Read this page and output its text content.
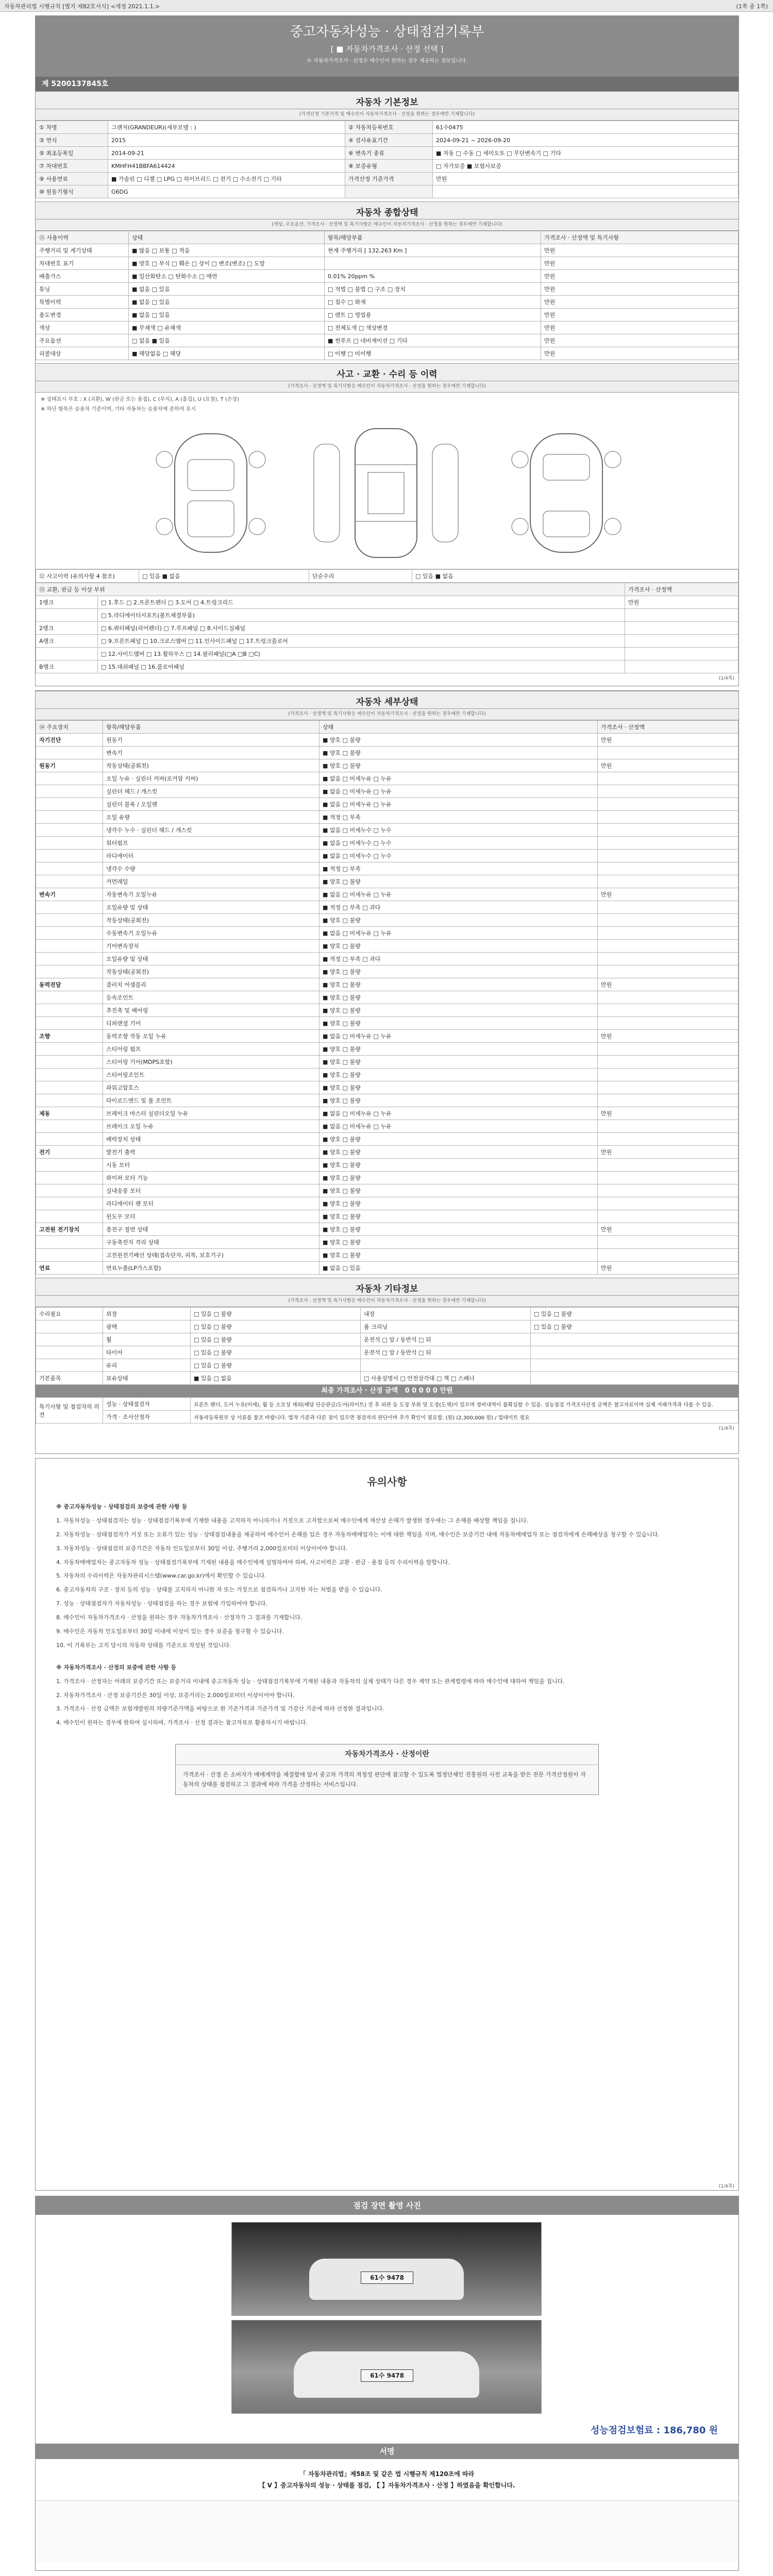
자동차관리법 시행규칙 [별지 제82호서식] <개정 2021.1.1.>	(1쪽 중 1쪽)
중고자동차성능 · 상태점검기록부
[ ■ 자동차가격조사 · 산정 선택 ]
※ 자동차가격조사 · 산정은 매수인이 원하는 경우 제공하는 정보입니다.
제 5200137845호
자동차 기본정보
(가격산정 기준가격 및 매수인이 자동차가격조사 · 산정을 원하는 경우에만 기재합니다)
① 차명	그랜저(GRANDEUR)(세부모델 : )	② 자동차등록번호	61수0475
③ 연식	2015	④ 검사유효기간	2024-09-21 ~ 2026-09-20
⑤ 최초등록일	2014-09-21	⑥ 변속기 종류	■ 자동 □ 수동 □ 세미오토 □ 무단변속기 □ 기타
⑦ 차대번호	KMHFH41BBFA614424	⑧ 보증유형	□ 자가보증 ■ 보험사보증
⑨ 사용연료	■ 가솔린 □ 디젤 □ LPG □ 하이브리드 □ 전기 □ 수소전기 □ 기타	가격산정 기준가격	만원
⑩ 원동기형식	G6DG		
자동차 종합상태
(색상, 주요옵션, 가격조사 · 산정액 및 특기사항은 매수인이 자동차가격조사 · 산정을 원하는 경우에만 기재합니다)
⑪ 사용이력	상태	항목/해당부품	가격조사 · 산정액 및 특기사항
주행거리 및 계기상태	■ 많음 □ 보통 □ 적음	현재 주행거리 [ 132,263 Km ]	만원
차대번호 표기	■ 양호 □ 부식 □ 훼손 □ 상이 □ 변조(변조) □ 도말		만원
배출가스	■ 일산화탄소 □ 탄화수소 □ 매연	0.01% 20ppm %	만원
튜닝	■ 없음 □ 있음	□ 적법 □ 불법 □ 구조 □ 장치	만원
특별이력	■ 없음 □ 있음	□ 침수 □ 화재	만원
용도변경	■ 없음 □ 있음	□ 렌트 □ 영업용	만원
색상	■ 무채색 □ 유채색	□ 전체도색 □ 색상변경	만원
주요옵션	□ 없음 ■ 있음	■ 썬루프 □ 네비게이션 □ 기타	만원
리콜대상	■ 해당없음 □ 해당	□ 이행 □ 미이행	만원
사고 · 교환 · 수리 등 이력
(가격조사 · 산정액 및 특기사항은 매수인이 자동차가격조사 · 산정을 원하는 경우에만 기재합니다)
※ 상태표시 부호 : X (교환), W (판금 또는 용접), C (부식), A (흠집), U (요철), T (손상)
※ 하단 항목은 승용차 기준이며, 기타 자동차는 승용차에 준하여 표시
⑫ 사고이력 (유의사항 4 참조)	□ 있음 ■ 없음	단순수리	□ 있음 ■ 없음
⑬ 교환, 판금 등 이상 부위		가격조사 · 산정액
1랭크	□ 1.후드 □ 2.프론트펜더 □ 3.도어 □ 4.트렁크리드	만원
	□ 5.라디에이터서포트(볼트체결부품)	
2랭크	□ 6.쿼터패널(리어펜더) □ 7.루프패널 □ 8.사이드실패널	
A랭크	□ 9.프론트패널 □ 10.크로스멤버 □ 11.인사이드패널 □ 17.트렁크플로어	
	□ 12.사이드멤버 □ 13.휠하우스 □ 14.필러패널(□A □B □C)	
B랭크	□ 15.대쉬패널 □ 16.플로어패널	
(1/4쪽)
자동차 세부상태
(가격조사 · 산정액 및 특기사항은 매수인이 자동차가격조사 · 산정을 원하는 경우에만 기재합니다)
⑭ 주요장치	항목/해당부품	상태	가격조사 · 산정액
자기진단	원동기	■ 양호 □ 불량	만원
	변속기	■ 양호 □ 불량	
원동기	작동상태(공회전)	■ 양호 □ 불량	만원
	오일 누유 · 실린더 커버(로커암 커버)	■ 없음 □ 미세누유 □ 누유	
	실린더 헤드 / 개스킷	■ 없음 □ 미세누유 □ 누유	
	실린더 블록 / 오일팬	■ 없음 □ 미세누유 □ 누유	
	오일 유량	■ 적정 □ 부족	
	냉각수 누수 · 실린더 헤드 / 개스킷	■ 없음 □ 미세누수 □ 누수	
	워터펌프	■ 없음 □ 미세누수 □ 누수	
	라디에이터	■ 없음 □ 미세누수 □ 누수	
	냉각수 수량	■ 적정 □ 부족	
	커먼레일	■ 양호 □ 불량	
변속기	자동변속기 오일누유	■ 없음 □ 미세누유 □ 누유	만원
	오일유량 및 상태	■ 적정 □ 부족 □ 과다	
	작동상태(공회전)	■ 양호 □ 불량	
	수동변속기 오일누유	■ 없음 □ 미세누유 □ 누유	
	기어변속장치	■ 양호 □ 불량	
	오일유량 및 상태	■ 적정 □ 부족 □ 과다	
	작동상태(공회전)	■ 양호 □ 불량	
동력전달	클러치 어셈블리	■ 양호 □ 불량	만원
	등속조인트	■ 양호 □ 불량	
	추진축 및 베어링	■ 양호 □ 불량	
	디퍼렌셜 기어	■ 양호 □ 불량	
조향	동력조향 작동 오일 누유	■ 없음 □ 미세누유 □ 누유	만원
	스티어링 펌프	■ 양호 □ 불량	
	스티어링 기어(MDPS포함)	■ 양호 □ 불량	
	스티어링조인트	■ 양호 □ 불량	
	파워고압호스	■ 양호 □ 불량	
	타이로드엔드 및 볼 조인트	■ 양호 □ 불량	
제동	브레이크 마스터 실린더오일 누유	■ 없음 □ 미세누유 □ 누유	만원
	브레이크 오일 누유	■ 없음 □ 미세누유 □ 누유	
	배력장치 상태	■ 양호 □ 불량	
전기	발전기 출력	■ 양호 □ 불량	만원
	시동 모터	■ 양호 □ 불량	
	와이퍼 모터 기능	■ 양호 □ 불량	
	실내송풍 모터	■ 양호 □ 불량	
	라디에이터 팬 모터	■ 양호 □ 불량	
	윈도우 모터	■ 양호 □ 불량	
고전원 전기장치	충전구 절연 상태	■ 양호 □ 불량	만원
	구동축전지 격리 상태	■ 양호 □ 불량	
	고전원전기배선 상태(접속단자, 피복, 보호기구)	■ 양호 □ 불량	
연료	연료누출(LP가스포함)	■ 없음 □ 있음	만원
자동차 기타정보
(가격조사 · 산정액 및 특기사항은 매수인이 자동차가격조사 · 산정을 원하는 경우에만 기재합니다)
수리필요	외장	□ 있음 □ 불량	내장	□ 있음 □ 불량
	광택	□ 있음 □ 불량	룸 크리닝	□ 있음 □ 불량
	휠	□ 있음 □ 불량	운전석 □ 앞 / 동반석 □ 뒤	
	타이어	□ 있음 □ 불량	운전석 □ 앞 / 동반석 □ 뒤	
	유리	□ 있음 □ 불량		
기본품목	보유상태	■ 있음 □ 없음	□ 사용설명서 □ 안전삼각대 □ 잭 □ 스패너	
최종 가격조사 · 산정 금액 0 0 0 0 0 만원
특기사항 및 점검자의 의견	성능 · 상태점검자	프론트 펜더, 도어 누유(미세), 휠 등 소모성 제외(해당 단순판금/도어(라이트) 전 후 외판 등 도장 부위 및 도장(도색)이 있으며 정비내역이 불확실할 수 있음. 성능점검 가격조사산정 금액은 참고자료이며 실제 거래가격과 다를 수 있음.
	가격 · 조사산정자	자동차등록원부 상 서류를 참조 바랍니다. 법적 기준과 다른 점이 있으면 점검자의 판단이며 추가 확인이 필요함. (원) (2,300,000 원) / 업데이트 필요
(1/4쪽)
유의사항
※ 중고자동차성능 · 상태점검의 보증에 관한 사항 등
1. 자동차성능 · 상태점검자는 성능 · 상태점검기록부에 기재한 내용을 고지하지 아니하거나 거짓으로 고지함으로써 매수인에게 재산상 손해가 발생한 경우에는 그 손해를 배상할 책임을 집니다.
2. 자동차성능 · 상태점검자가 거짓 또는 오류가 있는 성능 · 상태점검내용을 제공하여 매수인이 손해를 입은 경우 자동차매매업자는 이에 대한 책임을 지며, 매수인은 보증기간 내에 자동차매매업자 또는 점검자에게 손해배상을 청구할 수 있습니다.
3. 자동차성능 · 상태점검의 보증기간은 자동차 인도일로부터 30일 이상, 주행거리 2,000킬로미터 이상이어야 합니다.
4. 자동차매매업자는 중고자동차 성능 · 상태점검기록부에 기재된 내용을 매수인에게 설명하여야 하며, 사고이력은 교환 · 판금 · 용접 등의 수리이력을 말합니다.
5. 자동차의 수리이력은 자동차관리시스템(www.car.go.kr)에서 확인할 수 있습니다.
6. 중고자동차의 구조 · 장치 등의 성능 · 상태를 고지하지 아니한 자 또는 거짓으로 점검하거나 고지한 자는 처벌을 받을 수 있습니다.
7. 성능 · 상태점검자가 자동차성능 · 상태점검을 하는 경우 보험에 가입하여야 합니다.
8. 매수인이 자동차가격조사 · 산정을 원하는 경우 자동차가격조사 · 산정자가 그 결과를 기재합니다.
9. 매수인은 자동차 인도일로부터 30일 이내에 이상이 있는 경우 보증을 청구할 수 있습니다.
10. 이 기록부는 고지 당시의 자동차 상태를 기준으로 작성된 것입니다.
※ 자동차가격조사 · 산정의 보증에 관한 사항 등
1. 가격조사 · 산정자는 아래의 보증기간 또는 보증거리 이내에 중고자동차 성능 · 상태점검기록부에 기재된 내용과 자동차의 실제 상태가 다른 경우 계약 또는 관계법령에 따라 매수인에 대하여 책임을 집니다.
2. 자동차가격조사 · 산정 보증기간은 30일 이상, 보증거리는 2,000킬로미터 이상이어야 합니다.
3. 가격조사 · 산정 금액은 보험개발원의 차량기준가액을 바탕으로 한 기준가격과 기준가격 및 가감산 기준에 따라 산정한 결과입니다.
4. 매수인이 원하는 경우에 한하여 실시하며, 가격조사 · 산정 결과는 참고자료로 활용하시기 바랍니다.
자동차가격조사 · 산정이란
가격조사 · 산정 은 소비자가 매매계약을 체결함에 앞서 중고차 가격의 적정성 판단에 참고할 수 있도록 법정단체인 진흥원의 사전 교육을 받은 전문 가격산정원이 자동차의 상태를 점검하고 그 결과에 따라 가격을 산정하는 서비스입니다.
(1/4쪽)
점검 장면 촬영 사진
61수 9478
61수 9478
성능점검보험료 : 186,780 원
서명
「 자동차관리법」제58조 및 같은 법 시행규칙 제120조에 따라
【 V 】중고자동차의 성능 · 상태를 점검, 【 】자동차가격조사 · 산정 】하였음을 확인합니다.
